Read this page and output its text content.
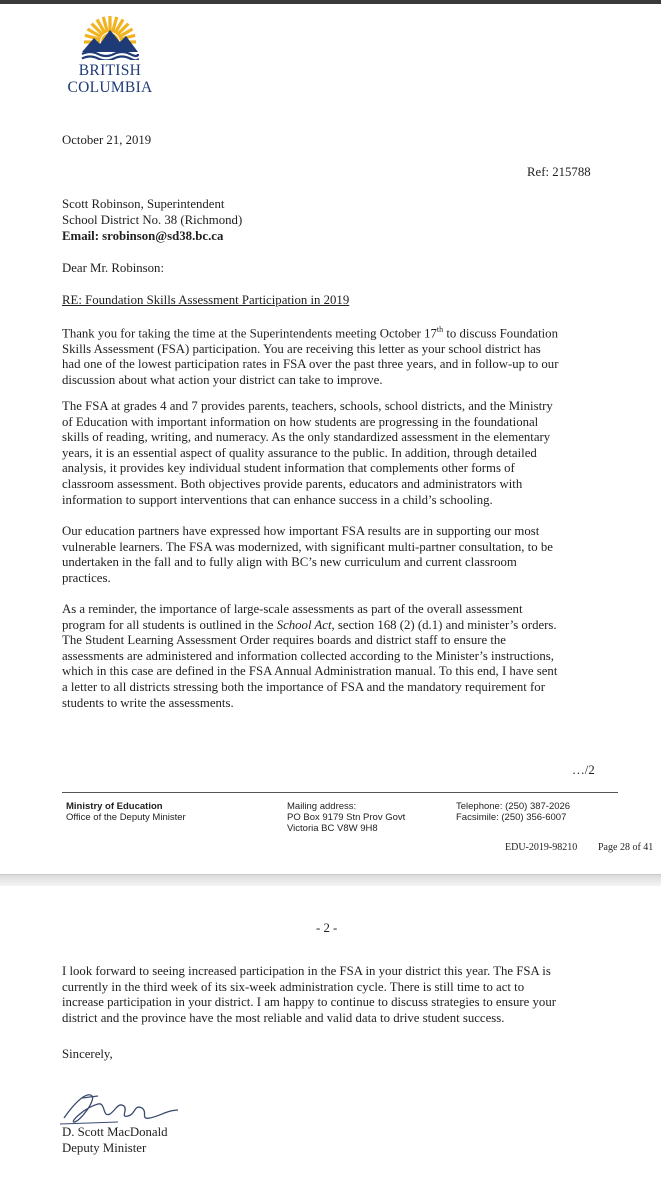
BRITISH
COLUMBIA
October 21, 2019
Ref: 215788
Scott Robinson, Superintendent
School District No. 38 (Richmond)
Email: srobinson@sd38.bc.ca
Dear Mr. Robinson:
RE: Foundation Skills Assessment Participation in 2019
Thank you for taking the time at the Superintendents meeting October 17th to discuss Foundation
Skills Assessment (FSA) participation. You are receiving this letter as your school district has
had one of the lowest participation rates in FSA over the past three years, and in follow-up to our
discussion about what action your district can take to improve.
The FSA at grades 4 and 7 provides parents, teachers, schools, school districts, and the Ministry
of Education with important information on how students are progressing in the foundational
skills of reading, writing, and numeracy. As the only standardized assessment in the elementary
years, it is an essential aspect of quality assurance to the public. In addition, through detailed
analysis, it provides key individual student information that complements other forms of
classroom assessment. Both objectives provide parents, educators and administrators with
information to support interventions that can enhance success in a child’s schooling.
Our education partners have expressed how important FSA results are in supporting our most
vulnerable learners. The FSA was modernized, with significant multi-partner consultation, to be
undertaken in the fall and to fully align with BC’s new curriculum and current classroom
practices.
As a reminder, the importance of large-scale assessments as part of the overall assessment
program for all students is outlined in the School Act, section 168 (2) (d.1) and minister’s orders.
The Student Learning Assessment Order requires boards and district staff to ensure the
assessments are administered and information collected according to the Minister’s instructions,
which in this case are defined in the FSA Annual Administration manual. To this end, I have sent
a letter to all districts stressing both the importance of FSA and the mandatory requirement for
students to write the assessments.
…/2
Ministry of Education
Office of the Deputy Minister
Mailing address:
PO Box 9179 Stn Prov Govt
Victoria BC V8W 9H8
Telephone: (250) 387-2026
Facsimile: (250) 356-6007
EDU-2019-98210 Page 28 of 41
- 2 -
I look forward to seeing increased participation in the FSA in your district this year. The FSA is
currently in the third week of its six-week administration cycle. There is still time to act to
increase participation in your district. I am happy to continue to discuss strategies to ensure your
district and the province have the most reliable and valid data to drive student success.
Sincerely,
D. Scott MacDonald
Deputy Minister
